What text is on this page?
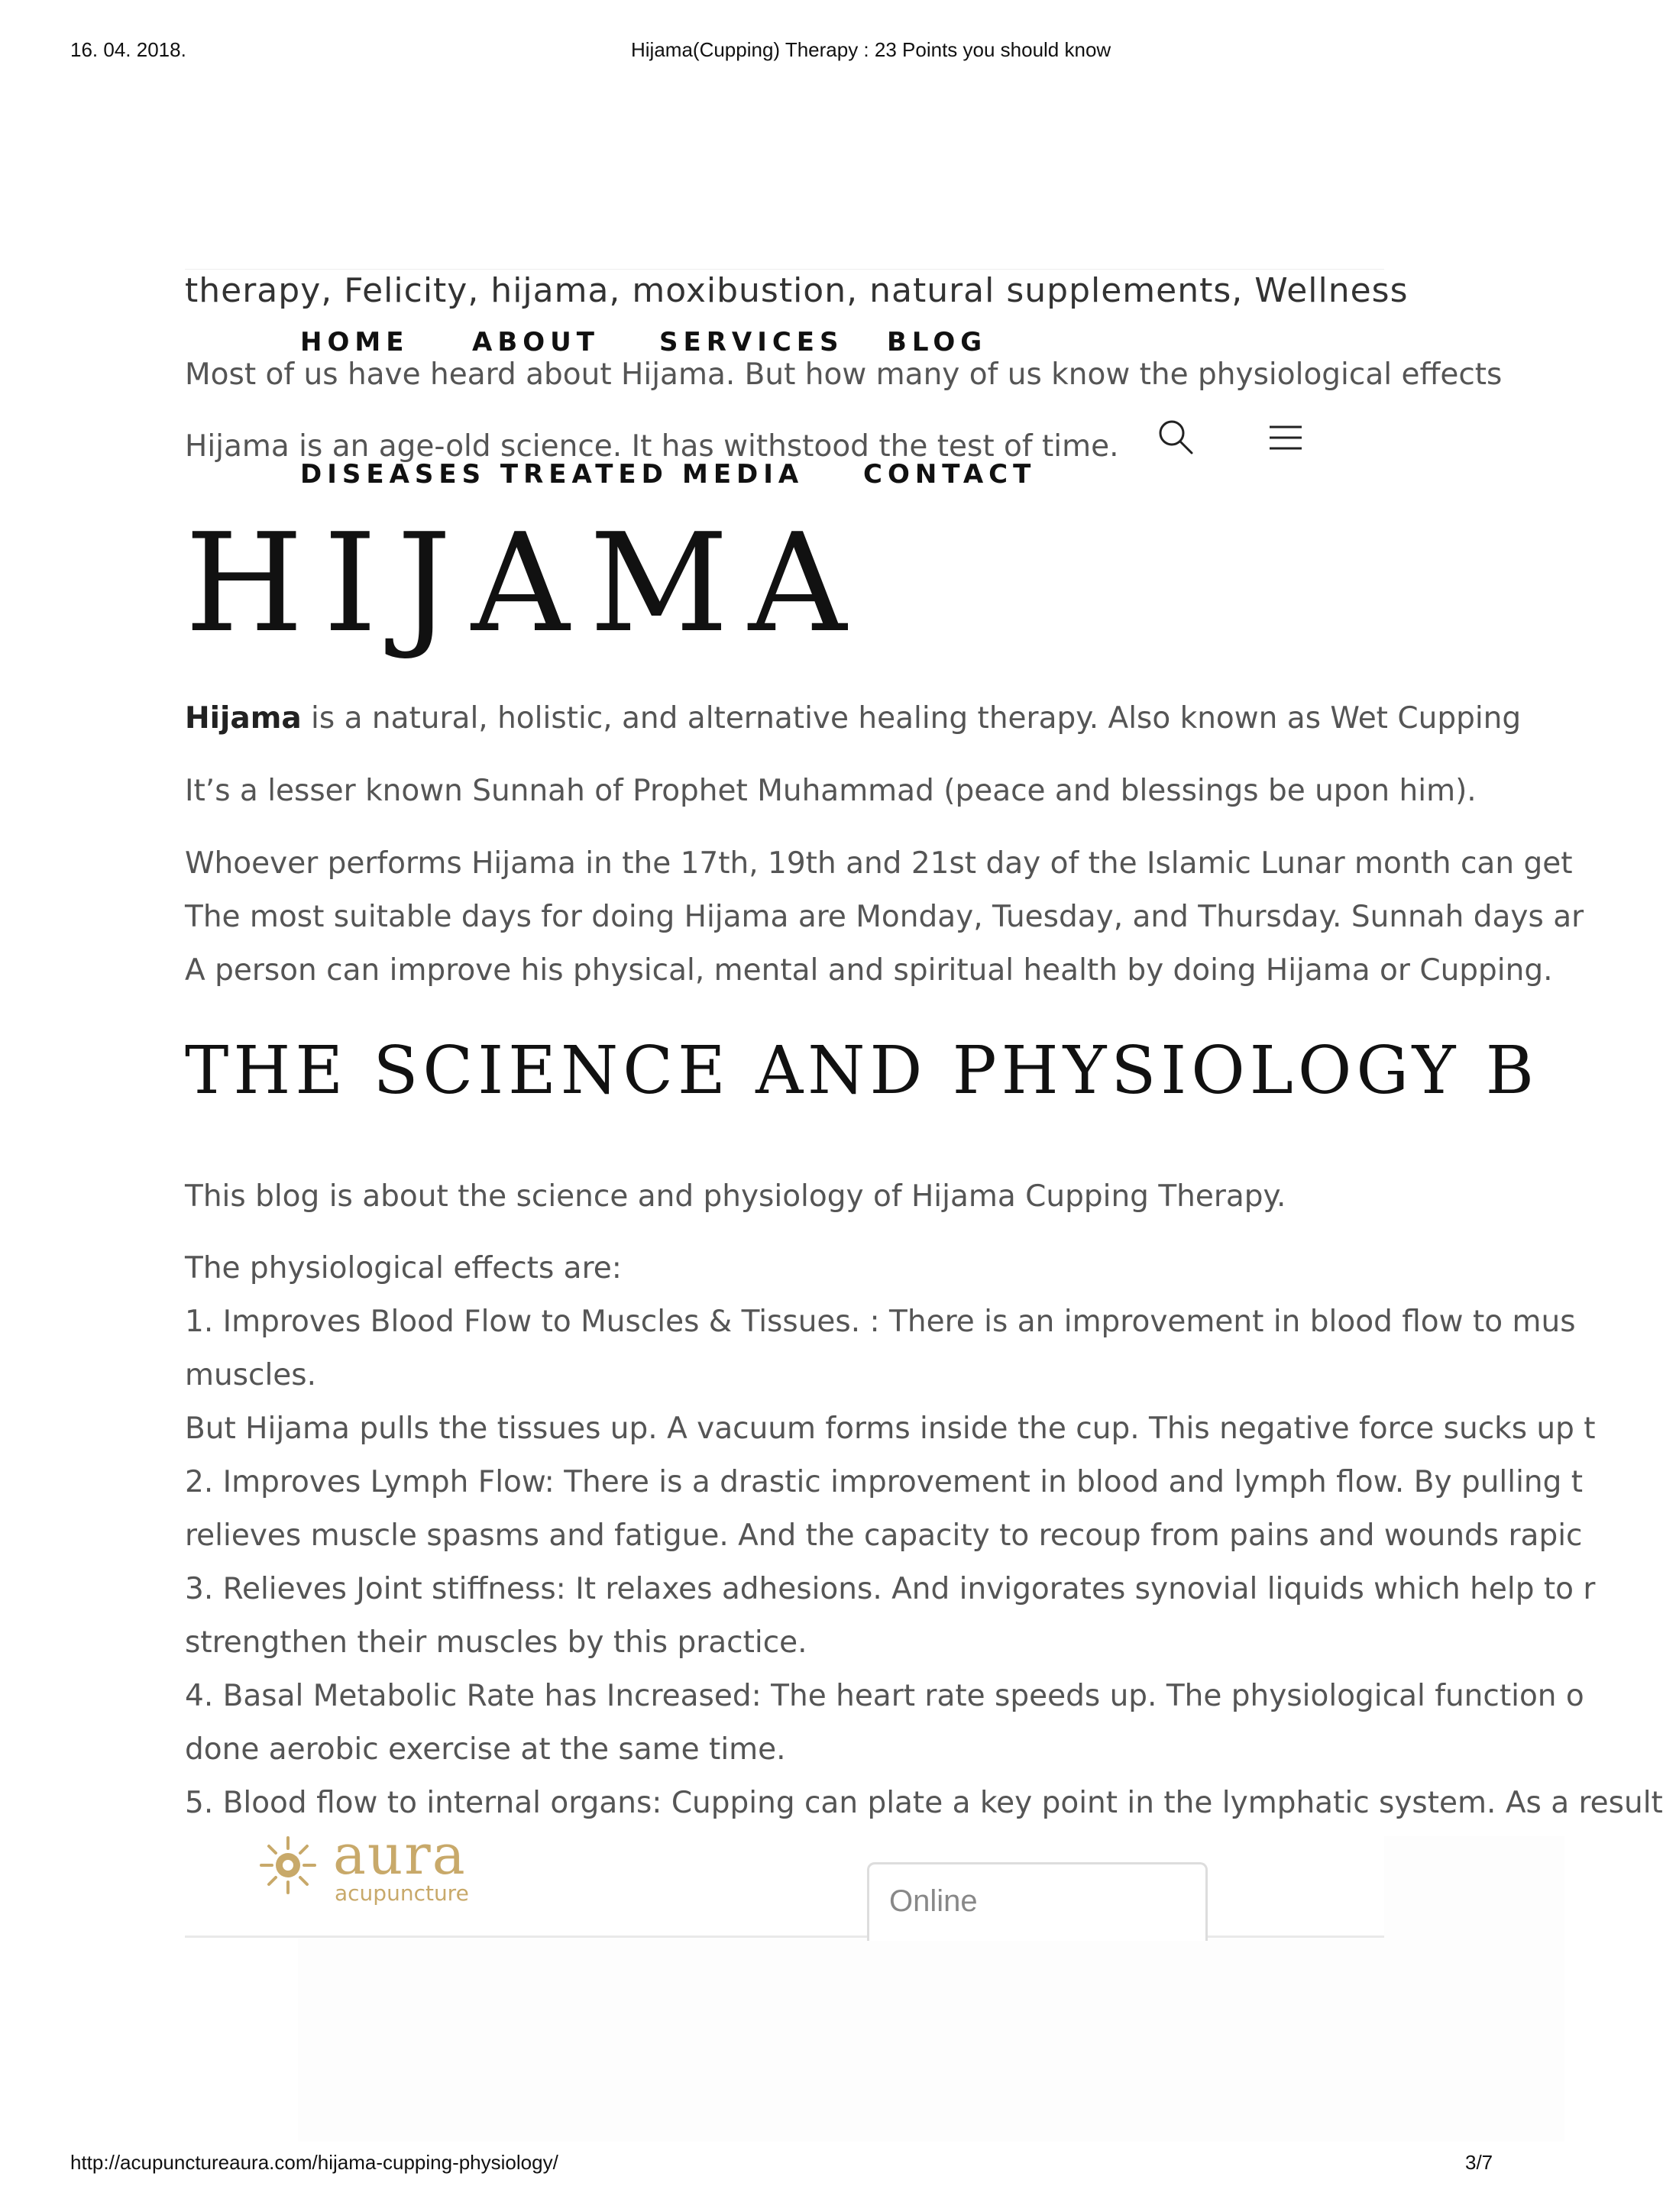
16. 04. 2018.	Hijama(Cupping) Therapy : 23 Points you should know
therapy, Felicity, hijama, moxibustion, natural supplements, Wellness
HOME ABOUT SERVICES BLOG
Most of us have heard about Hijama. But how many of us know the physiological effects
Hijama is an age-old science. It has withstood the test of time.
DISEASES TREATED MEDIA CONTACT
HIJAMA
Hijama is a natural, holistic, and alternative healing therapy. Also known as Wet Cupping
It’s a lesser known Sunnah of Prophet Muhammad (peace and blessings be upon him).
Whoever performs Hijama in the 17th, 19th and 21st day of the Islamic Lunar month can get
The most suitable days for doing Hijama are Monday, Tuesday, and Thursday. Sunnah days ar
A person can improve his physical, mental and spiritual health by doing Hijama or Cupping.
THE SCIENCE AND PHYSIOLOGY B
This blog is about the science and physiology of Hijama Cupping Therapy.
The physiological effects are:
1. Improves Blood Flow to Muscles & Tissues. : There is an improvement in blood flow to mus
muscles.
But Hijama pulls the tissues up. A vacuum forms inside the cup. This negative force sucks up t
2. Improves Lymph Flow: There is a drastic improvement in blood and lymph flow. By pulling t
relieves muscle spasms and fatigue. And the capacity to recoup from pains and wounds rapic
3. Relieves Joint stiffness: It relaxes adhesions. And invigorates synovial liquids which help to r
strengthen their muscles by this practice.
4. Basal Metabolic Rate has Increased: The heart rate speeds up. The physiological function o
done aerobic exercise at the same time.
5. Blood flow to internal organs: Cupping can plate a key point in the lymphatic system. As a result
aura
acupuncture	Online
http://acupunctureaura.com/hijama-cupping-physiology/	3/7
